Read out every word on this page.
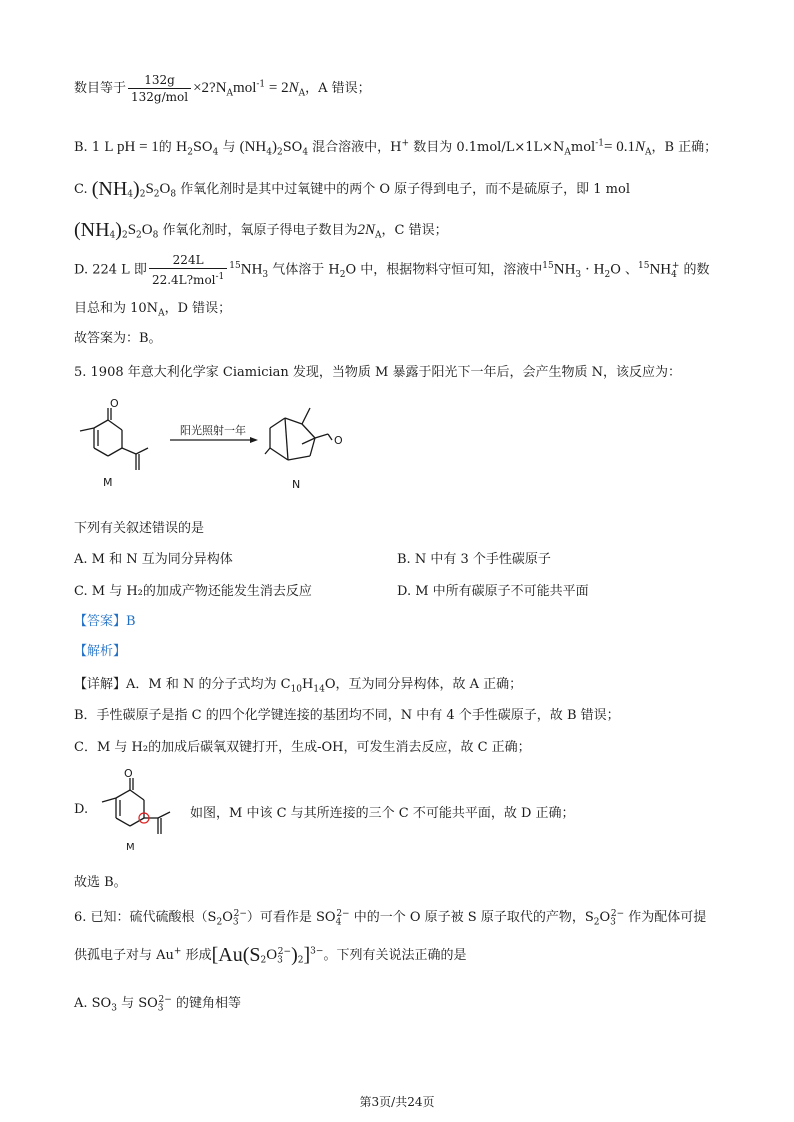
数目等于 $\frac{132g}{\text{132g/mol}}$ $\times 2?N_Amol^{-1} = 2N_A$，A 错误；
B. 1 L pH = 1的 $H_2SO_4$ 与 $(NH_4)_2SO_4$ 混合溶液中，H+ 数目为 $0.1mol/L\times 1L\times N_Amol^{-1}= 0.1N_A$，B 正确；
C. $(NH_4)_2S_2O_8$ 作氧化剂时是其中过氧键中的两个 O 原子得到电子，而不是硫原子，即 1 mol
$(NH_4)_2S_2O_8$ 作氧化剂时，氧原子得电子数目为$2N_A$，C 错误；
D. 224 L 即 $\frac{224L}{22.4L?mol^{-1}} ^{15}NH_3$ 气体溶于 $H_2O$ 中，根据物料守恒可知，溶液中$^{15}NH_3 \cdot H_2O$ 、$^{15}NH_4^+$ 的数
目总和为 $10N_A$，D 错误；
故答案为：B。
5. 1908 年意大利化学家 Ciamician 发现，当物质 M 暴露于阳光下一年后，会产生物质 N，该反应为：
O
M
阳光照射一年
O
N
下列有关叙述错误的是
A. M 和 N 互为同分异构体	B. N 中有 3 个手性碳原子
C. M 与 H₂的加成产物还能发生消去反应	D. M 中所有碳原子不可能共平面
【答案】B
【解析】
【详解】A．M 和 N 的分子式均为 $C_{10}H_{14}O$，互为同分异构体，故 A 正确；
B．手性碳原子是指 C 的四个化学键连接的基团均不同，N 中有 4 个手性碳原子，故 B 错误；
C．M 与 H₂的加成后碳氧双键打开，生成-OH，可发生消去反应，故 C 正确；
D.
O
M
如图，M 中该 C 与其所连接的三个 C 不可能共平面，故 D 正确；
故选 B。
6. 已知：硫代硫酸根$(S_2O_3^{2-})$可看作是 $SO_4^{2-}$ 中的一个 O 原子被 S 原子取代的产物，$S_2O_3^{2-}$ 作为配体可提
供孤电子对与 Au+ 形成$[Au(S_2O_3^{2-})_2]^{3-}$。下列有关说法正确的是
A. $SO_3$ 与 $SO_3^{2-}$ 的键角相等
第3页/共24页
